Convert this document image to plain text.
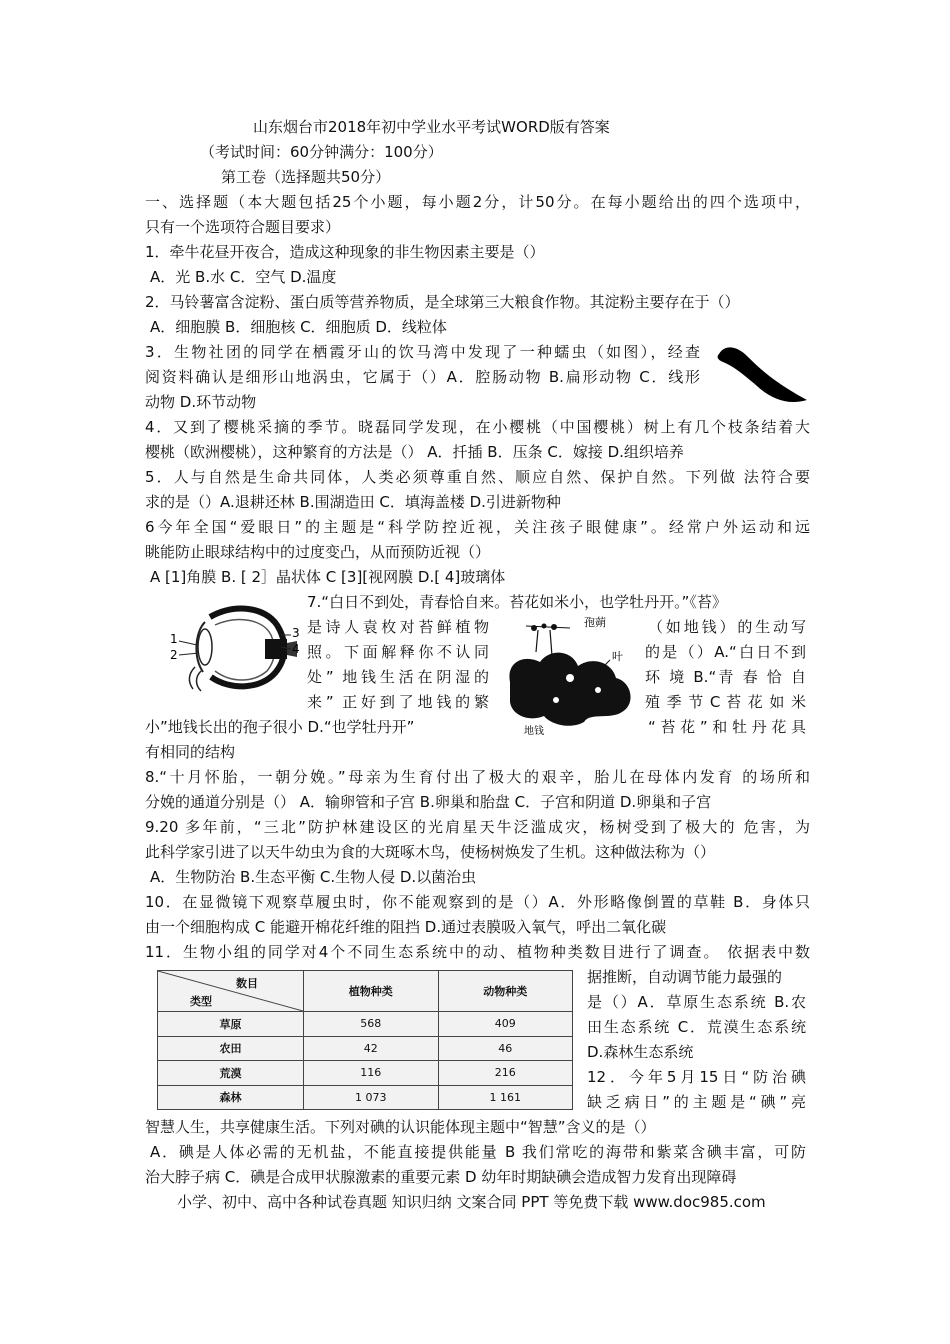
山东烟台市2018年初中学业水平考试WORD版有答案
（考试时间：60分钟满分：100分）
第工卷（选择题共50分）
一、选择题（本大题包括25个小题，每小题2分，计50分。在每小题给出的四个选项中，
只有一个选项符合题目要求）
1．牵牛花昼开夜合，造成这种现象的非生物因素主要是（）
A．光 B.水 C．空气 D.温度
2．马铃薯富含淀粉、蛋白质等营养物质，是全球第三大粮食作物。其淀粉主要存在于（）
A．细胞膜 B．细胞核 C．细胞质 D．线粒体
3．生物社团的同学在栖霞牙山的饮马湾中发现了一种蠕虫（如图），经查
阅资料确认是细形山地涡虫，它属于（）A．腔肠动物 B.扁形动物 C．线形
动物 D.环节动物
4．又到了樱桃采摘的季节。晓磊同学发现，在小樱桃（中国樱桃）树上有几个枝条结着大
樱桃（欧洲樱桃），这种繁育的方法是（） A．扦插 B．压条 C．嫁接 D.组织培养
5．人与自然是生命共同体，人类必须尊重自然、顺应自然、保护自然。下列做 法符合要
求的是（）A.退耕还林 B.围湖造田 C．填海盖楼 D.引进新物种
6今年全国“爱眼日”的主题是“科学防控近视，关注孩子眼健康”。经常户外运动和远
眺能防止眼球结构中的过度变凸，从而预防近视（）
A [1]角膜 B. [ 2］晶状体 C [3][视网膜 D.[ 4]玻璃体
1
2
3
4
7.“白日不到处，青春恰自来。苔花如米小，也学牡丹开。”《苔》
是诗人袁枚对苔鲜植物	（如地钱）的生动写
照。下面解释你不认同	的是（）A.“白日不到
处” 地钱生活在阴湿的	环 境 B.“青 春 恰 自
来” 正好到了地钱的繁	殖 季 节 C 苔 花 如 米
小”地钱长出的孢子很小 D.“也学牡丹开”	“苔花”和牡丹花具
有相同的结构
孢蒴
叶
地钱
8.“十月怀胎，一朝分娩。”母亲为生育付出了极大的艰辛，胎儿在母体内发育 的场所和
分娩的通道分别是（） A．输卵管和子宫 B.卵巢和胎盘 C．子宫和阴道 D.卵巢和子宫
9.20 多年前，“三北”防护林建设区的光肩星天牛泛滥成灾，杨树受到了极大的 危害，为
此科学家引进了以天牛幼虫为食的大斑啄木鸟，使杨树焕发了生机。这种做法称为（）
A．生物防治 B.生态平衡 C.生物人侵 D.以菌治虫
10．在显微镜下观察草履虫时，你不能观察到的是（）A．外形略像倒置的草鞋 B．身体只
由一个细胞构成 C 能避开棉花纤维的阻挡 D.通过表膜吸入氧气，呼出二氧化碳
11．生物小组的同学对4个不同生态系统中的动、植物种类数目进行了调查。 依据表中数
据推断，自动调节能力最强的
是（）A．草原生态系统 B.农
田生态系统 C．荒漠生态系统
D.森林生态系统
数目
类型	植物种类	动物种类
草原	568	409
农田	42	46
荒漠	116	216
森林	1 073	1 161
12．今年5月15日“防治碘
缺乏病日”的主题是“碘”亮
智慧人生，共享健康生活。下列对碘的认识能体现主题中“智慧”含义的是（）
A．碘是人体必需的无机盐，不能直接提供能量 B 我们常吃的海带和紫菜含碘丰富，可防
治大脖子病 C．碘是合成甲状腺激素的重要元素 D 幼年时期缺碘会造成智力发育出现障碍
小学、初中、高中各种试卷真题 知识归纳 文案合同 PPT 等免费下载 www.doc985.com
